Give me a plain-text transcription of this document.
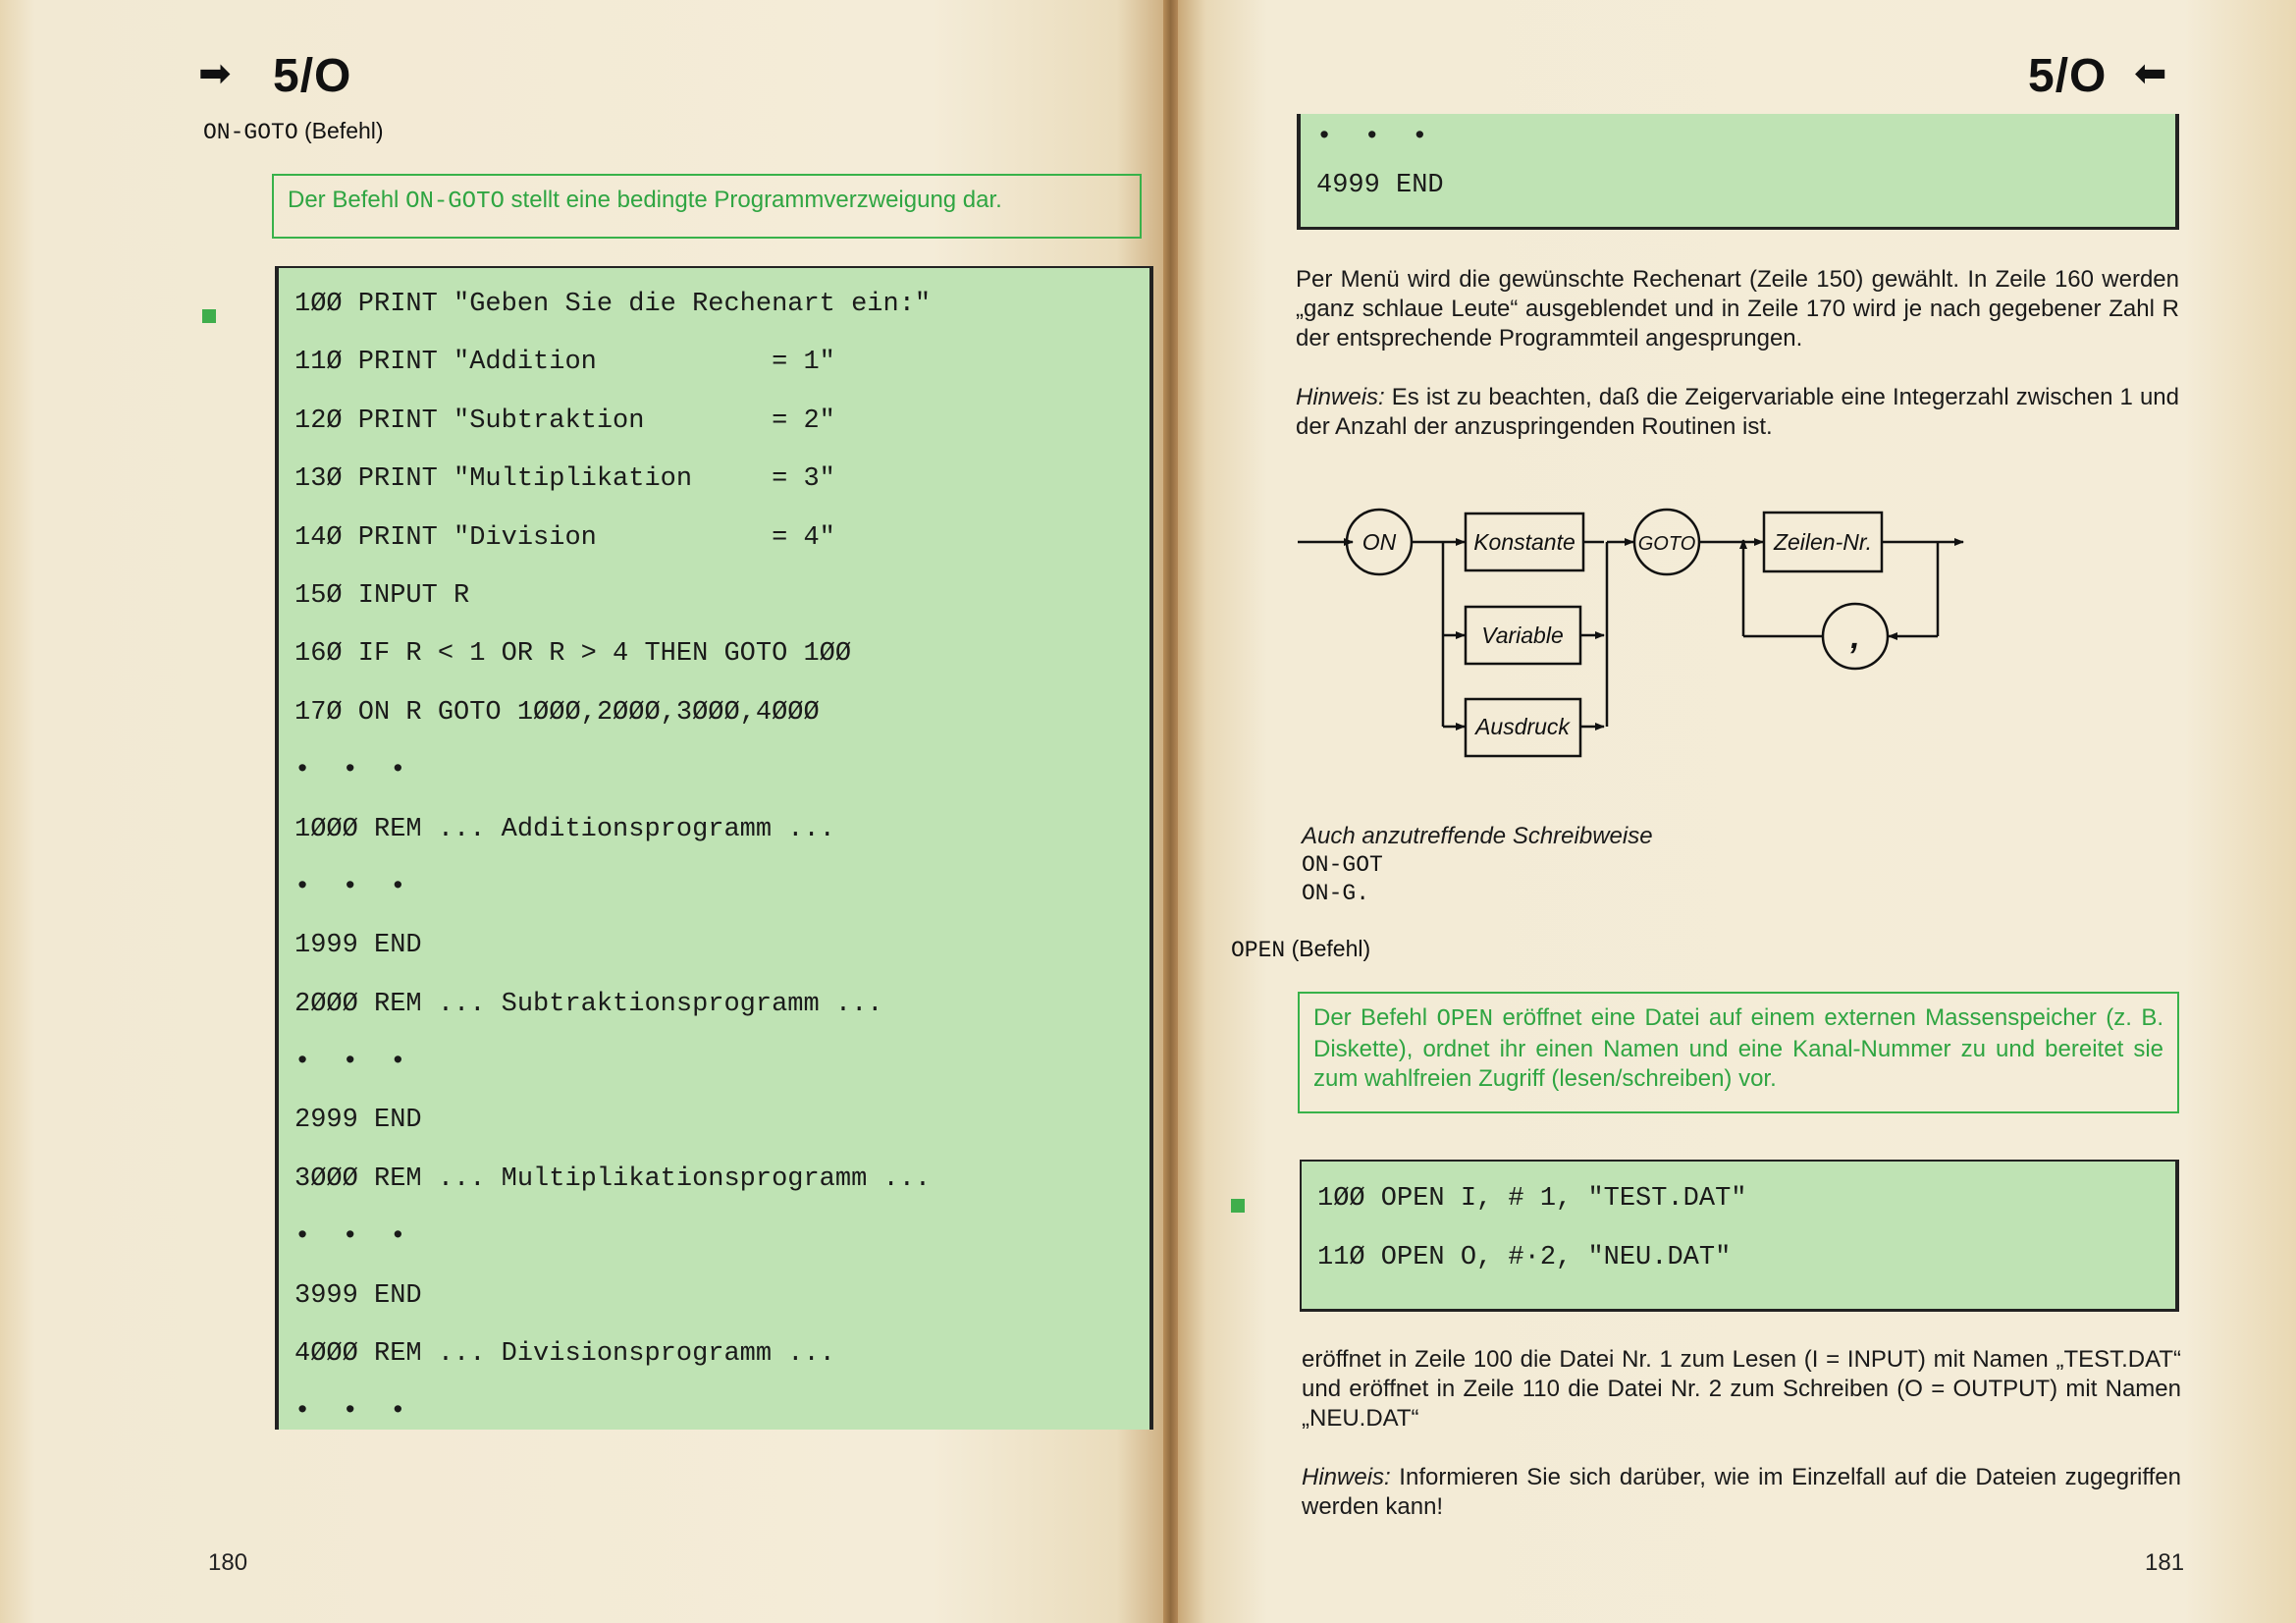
➡ 5/O
ON-GOTO (Befehl)
Der Befehl ON-GOTO stellt eine bedingte Programmverzweigung dar.
1ØØ PRINT "Geben Sie die Rechenart ein:"
11Ø PRINT "Addition           = 1"
12Ø PRINT "Subtraktion        = 2"
13Ø PRINT "Multiplikation     = 3"
14Ø PRINT "Division           = 4"
15Ø INPUT R
16Ø IF R < 1 OR R > 4 THEN GOTO 1ØØ
17Ø ON R GOTO 1ØØØ,2ØØØ,3ØØØ,4ØØØ
•  •  •
1ØØØ REM ... Additionsprogramm ...
•  •  •
1999 END
2ØØØ REM ... Subtraktionsprogramm ...
•  •  •
2999 END
3ØØØ REM ... Multiplikationsprogramm ...
•  •  •
3999 END
4ØØØ REM ... Divisionsprogramm ...
•  •  •
180
5/O ➡
•  •  •
4999 END
Per Menü wird die gewünschte Rechenart (Zeile 150) gewählt. In Zeile 160 werden „ganz schlaue Leute“ ausgeblendet und in Zeile 170 wird je nach gegebener Zahl R der entsprechende Programmteil angesprungen.
Hinweis: Es ist zu beachten, daß die Zeigervariable eine Integerzahl zwischen 1 und der Anzahl der anzuspringenden Routinen ist.
ON	Konstante
Variable
Ausdruck
GOTO	Zeilen-Nr.
,
Auch anzutreffende Schreibweise
ON-GOT
ON-G.
OPEN (Befehl)
Der Befehl OPEN eröffnet eine Datei auf einem externen Massenspeicher (z. B. Diskette), ordnet ihr einen Namen und eine Kanal-Nummer zu und bereitet sie zum wahlfreien Zugriff (lesen/schreiben) vor.
1ØØ OPEN I, # 1, "TEST.DAT"
11Ø OPEN O, #·2, "NEU.DAT"
eröffnet in Zeile 100 die Datei Nr. 1 zum Lesen (I = INPUT) mit Namen „TEST.DAT“ und eröffnet in Zeile 110 die Datei Nr. 2 zum Schreiben (O = OUTPUT) mit Namen „NEU.DAT“
Hinweis: Informieren Sie sich darüber, wie im Einzelfall auf die Dateien zugegriffen werden kann!
181
